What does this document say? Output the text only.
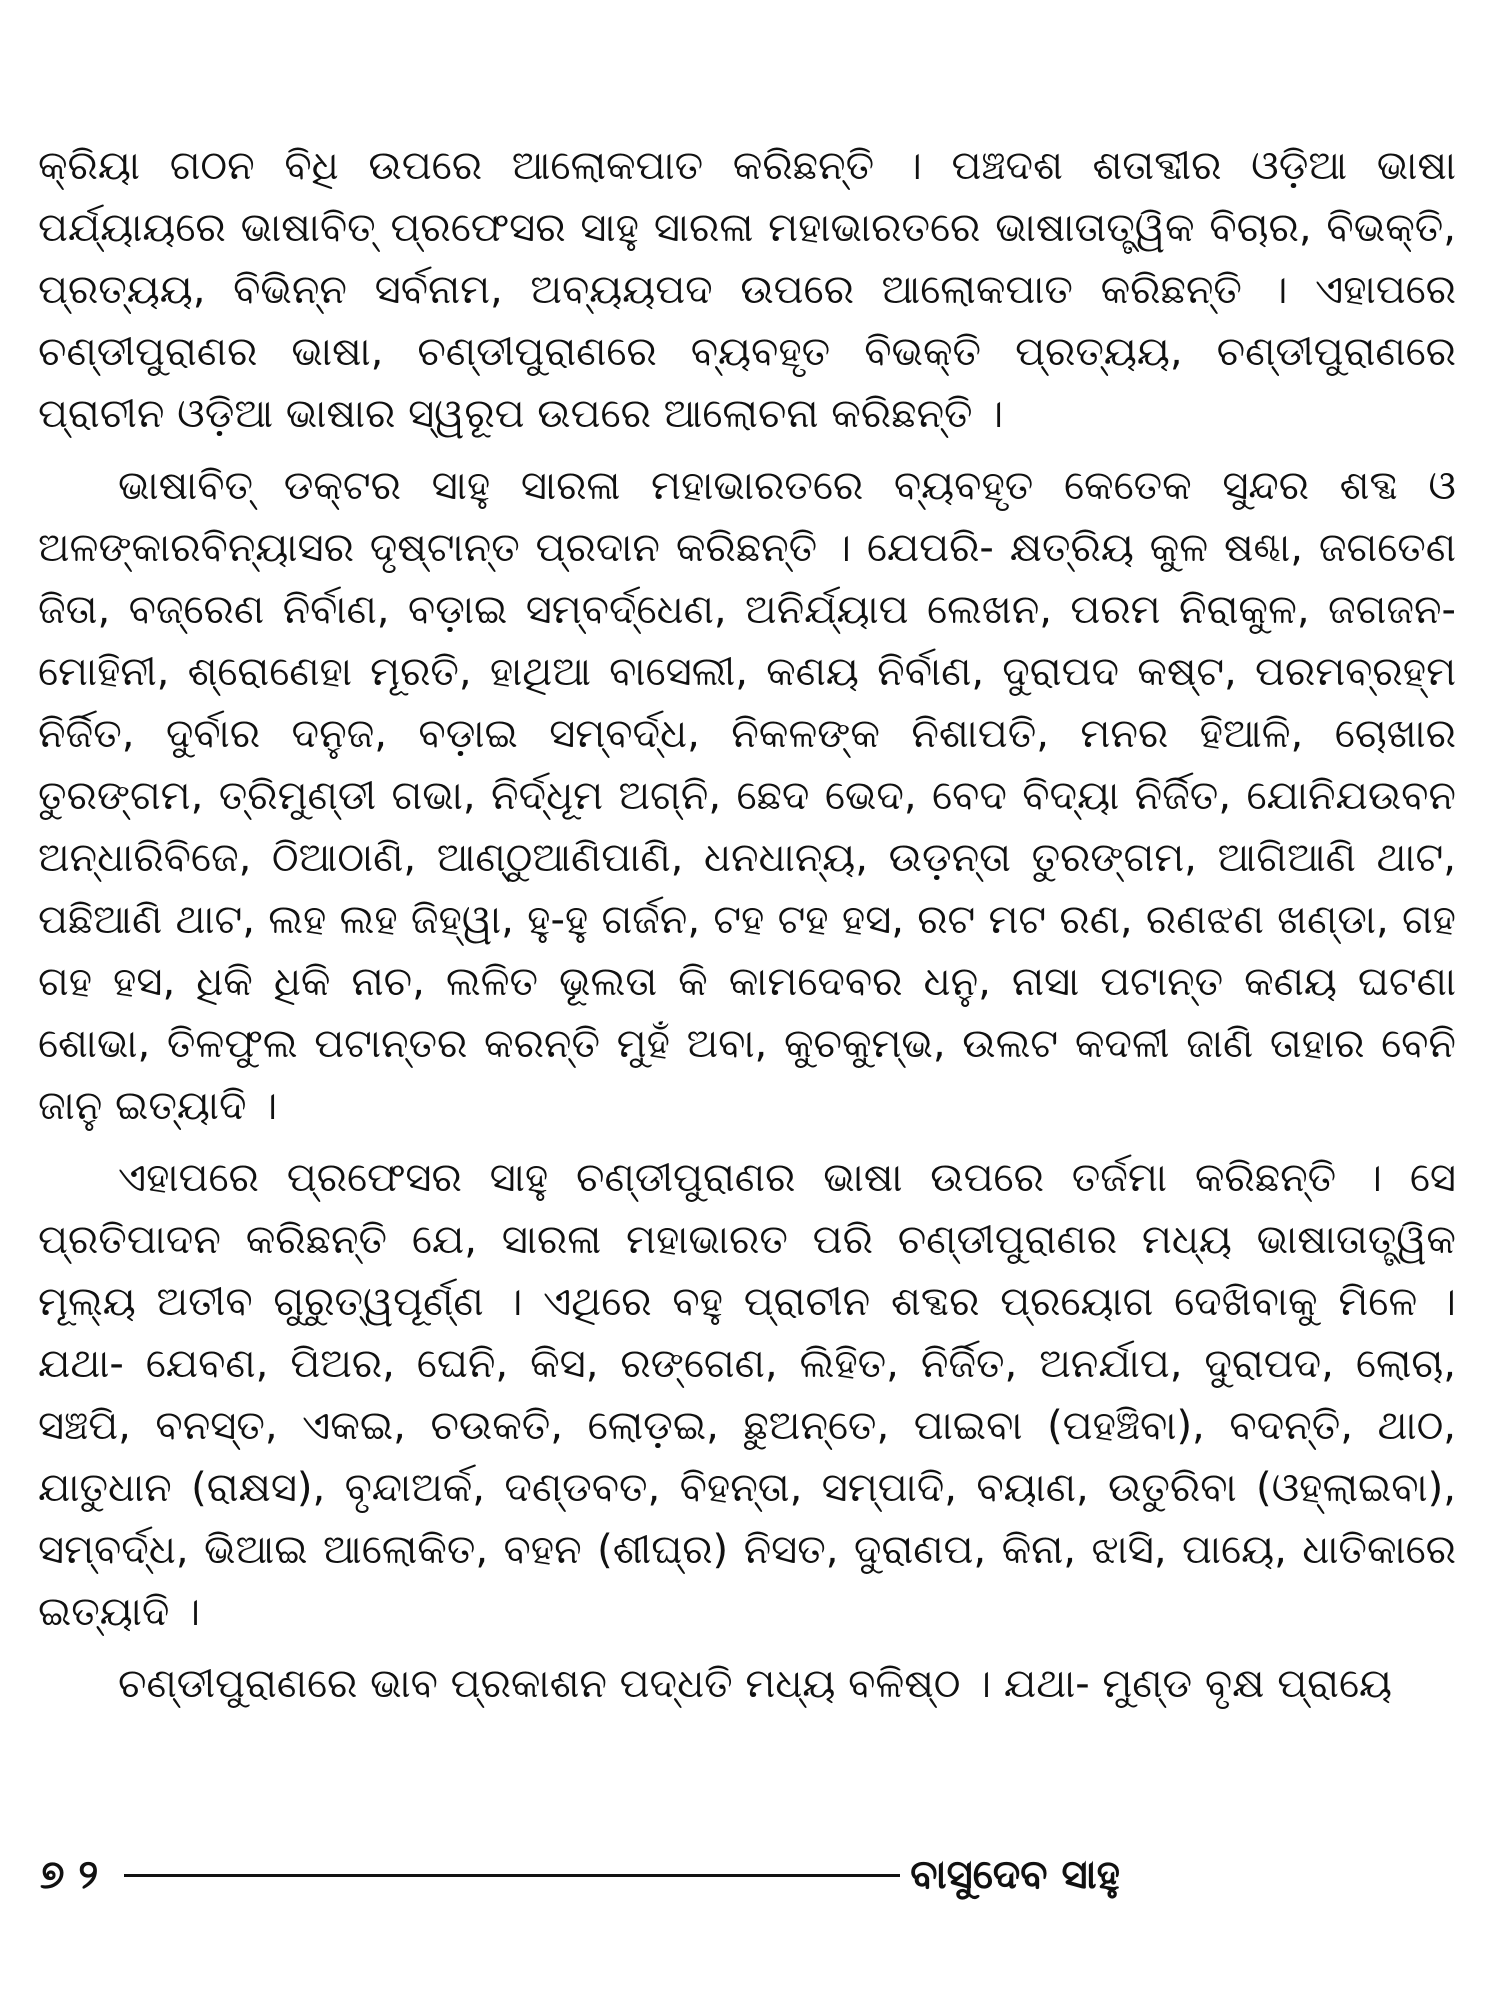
କ୍ରିୟା ଗଠନ ବିଧି ଉପରେ ଆଲୋକପାତ କରିଛନ୍ତି । ପଞ୍ଚଦଶ ଶତାବ୍ଦୀର ଓଡ଼ିଆ ଭାଷା ପର୍ଯ୍ୟାୟରେ ଭାଷାବିତ୍ ପ୍ରଫେସର ସାହୁ ସାରଳା ମହାଭାରତରେ ଭାଷାତାତ୍ତ୍ୱିକ ବିଚାର, ବିଭକ୍ତି, ପ୍ରତ୍ୟୟ, ବିଭିନ୍ନ ସର୍ବନାମ, ଅବ୍ୟୟପଦ ଉପରେ ଆଲୋକପାତ କରିଛନ୍ତି । ଏହାପରେ ଚଣ୍ଡୀପୁରାଣର ଭାଷା, ଚଣ୍ଡୀପୁରାଣରେ ବ୍ୟବହୃତ ବିଭକ୍ତି ପ୍ରତ୍ୟୟ, ଚଣ୍ଡୀପୁରାଣରେ ପ୍ରାଚୀନ ଓଡ଼ିଆ ଭାଷାର ସ୍ୱରୂପ ଉପରେ ଆଲୋଚନା କରିଛନ୍ତି ।

ଭାଷାବିତ୍ ଡକ୍ଟର ସାହୁ ସାରଳା ମହାଭାରତରେ ବ୍ୟବହୃତ କେତେକ ସୁନ୍ଦର ଶବ୍ଦ ଓ ଅଳଙ୍କାରବିନ୍ୟାସର ଦୃଷ୍ଟାନ୍ତ ପ୍ରଦାନ କରିଛନ୍ତି । ଯେପରି- କ୍ଷତ୍ରିୟ କୁଳ ଷଣ୍ଢା, ଜଗତେଣ ଜିତା, ବଜ୍ରେଣ ନିର୍ବାଣ, ବଡ଼ାଇ ସମ୍ବର୍ଦ୍ଧେଣ, ଅନିର୍ଯ୍ୟାପ ଲେଖନ, ପରମ ନିରାକୁଳ, ଜଗଜନ-ମୋହିନୀ, ଶ୍ରୋଣେହା ମୂରତି, ହାଥିଆ ବାସେଲୀ, କଣୟ ନିର୍ବାଣ, ଦୁରାପଦ କଷ୍ଟ, ପରମବ୍ରହ୍ମ ନିର୍ଜିତ, ଦୁର୍ବାର ଦନୁଜ, ବଡ଼ାଇ ସମ୍ବର୍ଦ୍ଧ, ନିକଳଙ୍କ ନିଶାପତି, ମନର ହିଆଳି, ଚୋଖାର ତୁରଙ୍ଗମ, ତ୍ରିମୁଣ୍ଡୀ ଗଭା, ନିର୍ଦ୍ଧୂମ ଅଗ୍ନି, ଛେଦ ଭେଦ, ବେଦ ବିଦ୍ୟା ନିର୍ଜିତ, ଯୋନିଯଉବନ ଅନ୍ଧାରିବିଜେ, ଠିଆଠାଣି, ଆଣ୍ଠୁଆଣିପାଣି, ଧନଧାନ୍ୟ, ଉଡ଼ନ୍ତା ତୁରଙ୍ଗମ, ଆଗିଆଣି ଥାଟ, ପଛିଆଣି ଥାଟ, ଲହ ଲହ ଜିହ୍ୱା, ହୁ-ହୁ ଗର୍ଜନ, ଟହ ଟହ ହସ, ରଟ ମଟ ରଣ, ରଣଝଣ ଖଣ୍ଡା, ଗହ ଗହ ହସ, ଧିକି ଧିକି ନାଚ, ଲଳିତ ଭୂଲତା କି କାମଦେବର ଧନୁ, ନାସା ପଟାନ୍ତ କଣୟ ଘଟଣା ଶୋଭା, ତିଳଫୁଲ ପଟାନ୍ତର କରନ୍ତି ମୁହଁ ଅବା, କୁଚକୁମ୍ଭ, ଉଲଟ କଦଳୀ ଜାଣି ତାହାର ବେନି ଜାନୁ ଇତ୍ୟାଦି ।

ଏହାପରେ ପ୍ରଫେସର ସାହୁ ଚଣ୍ଡୀପୁରାଣର ଭାଷା ଉପରେ ତର୍ଜମା କରିଛନ୍ତି । ସେ ପ୍ରତିପାଦନ କରିଛନ୍ତି ଯେ, ସାରଳା ମହାଭାରତ ପରି ଚଣ୍ଡୀପୁରାଣର ମଧ୍ୟ ଭାଷାତାତ୍ତ୍ୱିକ ମୂଲ୍ୟ ଅତୀବ ଗୁରୁତ୍ୱପୂର୍ଣ୍ଣ । ଏଥିରେ ବହୁ ପ୍ରାଚୀନ ଶବ୍ଦର ପ୍ରୟୋଗ ଦେଖିବାକୁ ମିଳେ । ଯଥା- ଯେବଣ, ପିଅର, ଘେନି, କିସ, ରଙ୍ଗେଣ, ଲିହିତ, ନିର୍ଜିତ, ଅନର୍ଯାପ, ଦୁରାପଦ, ଲୋଚା, ସଞ୍ଚପି, ବନସ୍ତ, ଏକଇ, ଚଉକତି, ଲୋଡ଼ଇ, ଛୁଅନ୍ତେ, ପାଇବା (ପହଞ୍ଚିବା), ବଦନ୍ତି, ଥାଠ, ଯାତୁଧାନ (ରାକ୍ଷସ), ବୃନ୍ଦାଅର୍କ, ଦଣ୍ଡବତ, ବିହନ୍ତା, ସମ୍ପାଦି, ବୟାଣ, ଉତୁରିବା (ଓହ୍ଲାଇବା), ସମ୍ବର୍ଦ୍ଧ, ଭିଆଇ ଆଲୋକିତ, ବହନ (ଶୀଘ୍ର) ନିସତ, ଦୁରାଣପ, କିନା, ଝାସି, ପାୟେ, ଧାତିକାରେ ଇତ୍ୟାଦି ।

ଚଣ୍ଡୀପୁରାଣରେ ଭାବ ପ୍ରକାଶନ ପଦ୍ଧତି ମଧ୍ୟ ବଳିଷ୍ଠ । ଯଥା- ମୁଣ୍ଡ ବୃକ୍ଷ ପ୍ରାୟେ

୭ ୨	ବାସୁଦେବ ସାହୁ
